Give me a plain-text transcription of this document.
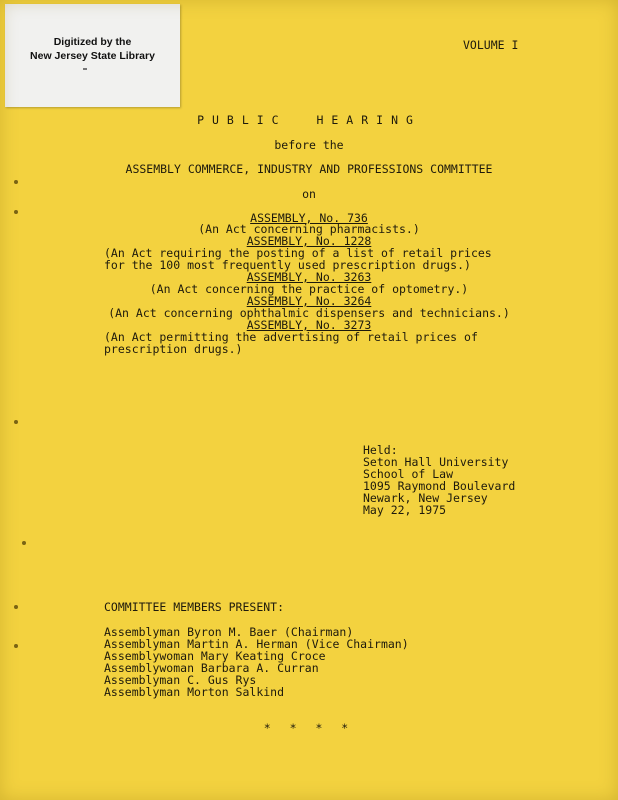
Digitized by the
New Jersey State Library
VOLUME I
PUBLIC  HEARING
before the
ASSEMBLY COMMERCE, INDUSTRY AND PROFESSIONS COMMITTEE
on
ASSEMBLY, No. 736
(An Act concerning pharmacists.)
ASSEMBLY, No. 1228
(An Act requiring the posting of a list of retail prices
for the 100 most frequently used prescription drugs.)
ASSEMBLY, No. 3263
(An Act concerning the practice of optometry.)
ASSEMBLY, No. 3264
(An Act concerning ophthalmic dispensers and technicians.)
ASSEMBLY, No. 3273
(An Act permitting the advertising of retail prices of
prescription drugs.)
Held:
Seton Hall University
School of Law
1095 Raymond Boulevard
Newark, New Jersey
May 22, 1975
COMMITTEE MEMBERS PRESENT:
Assemblyman Byron M. Baer (Chairman)
Assemblyman Martin A. Herman (Vice Chairman)
Assemblywoman Mary Keating Croce
Assemblywoman Barbara A. Curran
Assemblyman C. Gus Rys
Assemblyman Morton Salkind
* * * *
